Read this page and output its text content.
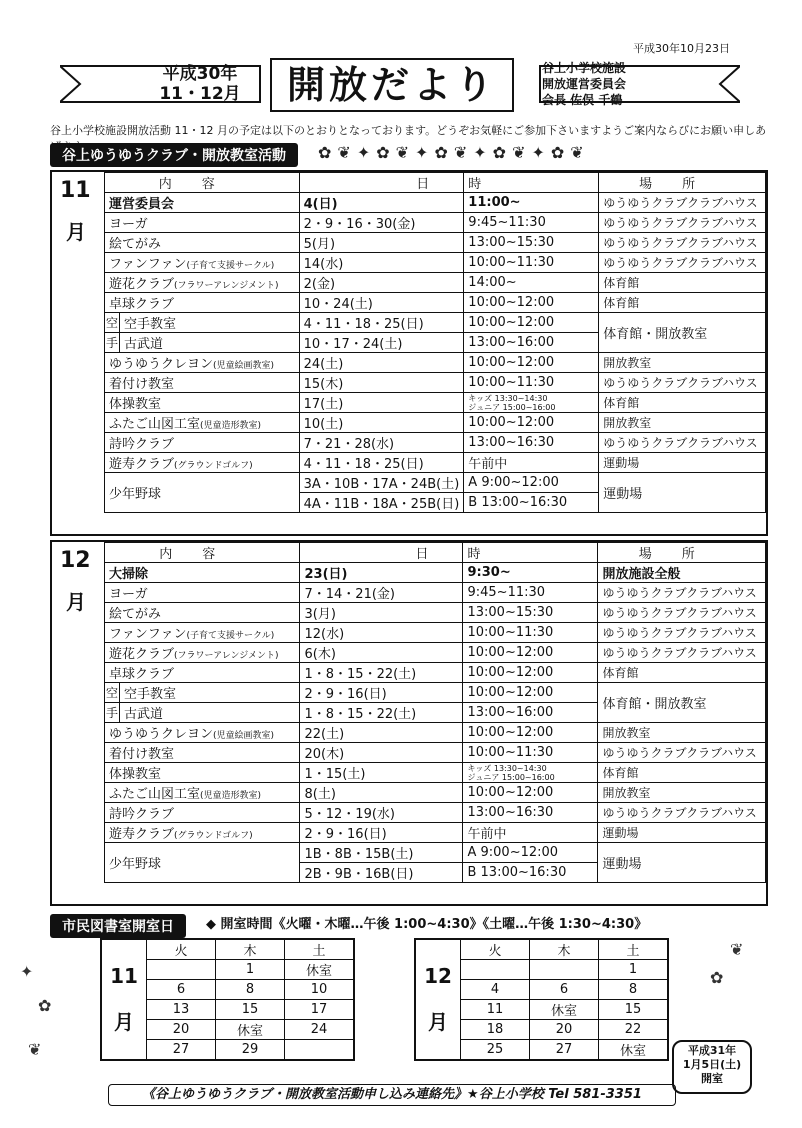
平成30年10月23日
平成30年
11・12月	開放だより	谷上小学校施設
開放運営委員会
会長 佐俣 千鶴
谷上小学校施設開放活動 11・12 月の予定は以下のとおりとなっております。どうぞお気軽にご参加下さいますようご案内ならびにお願い申しあ
谷上ゆうゆうクラブ・開放教室活動	✿❦✦✿❦✦✿❦✦✿❦✦✿❦
11
月
内容		日	時	場所
運営委員会		4(日)	11:00~	ゆうゆうクラブクラブハウス
ヨーガ		2・9・16・30(金)	9:45~11:30	ゆうゆうクラブクラブハウス
絵てがみ		5(月)	13:00~15:30	ゆうゆうクラブクラブハウス
ファンファン(子育て支援サークル)		14(水)	10:00~11:30	ゆうゆうクラブクラブハウス
遊花クラブ(フラワーアレンジメント)		2(金)	14:00~	体育館
卓球クラブ		10・24(土)	10:00~12:00	体育館
空	空手教室	4・11・18・25(日)	10:00~12:00	体育館・開放教室
手	古武道	10・17・24(土)	13:00~16:00	
ゆうゆうクレヨン(児童絵画教室)		24(土)	10:00~12:00	開放教室
着付け教室		15(木)	10:00~11:30	ゆうゆうクラブクラブハウス
体操教室		17(土)	キッズ 13:30~14:30
ジュニア 15:00~16:00	体育館
ふたご山図工室(児童造形教室)		10(土)	10:00~12:00	開放教室
詩吟クラブ		7・21・28(水)	13:00~16:30	ゆうゆうクラブクラブハウス
遊寿クラブ(グラウンドゴルフ)		4・11・18・25(日)	午前中	運動場
少年野球		3A・10B・17A・24B(土)	A 9:00~12:00	運動場
		4A・11B・18A・25B(日)	B 13:00~16:30	
12
月
内容		日	時	場所
大掃除		23(日)	9:30~	開放施設全般
ヨーガ		7・14・21(金)	9:45~11:30	ゆうゆうクラブクラブハウス
絵てがみ		3(月)	13:00~15:30	ゆうゆうクラブクラブハウス
ファンファン(子育て支援サークル)		12(水)	10:00~11:30	ゆうゆうクラブクラブハウス
遊花クラブ(フラワーアレンジメント)		6(木)	10:00~12:00	ゆうゆうクラブクラブハウス
卓球クラブ		1・8・15・22(土)	10:00~12:00	体育館
空	空手教室	2・9・16(日)	10:00~12:00	体育館・開放教室
手	古武道	1・8・15・22(土)	13:00~16:00	
ゆうゆうクレヨン(児童絵画教室)		22(土)	10:00~12:00	開放教室
着付け教室		20(木)	10:00~11:30	ゆうゆうクラブクラブハウス
体操教室		1・15(土)	キッズ 13:30~14:30
ジュニア 15:00~16:00	体育館
ふたご山図工室(児童造形教室)		8(土)	10:00~12:00	開放教室
詩吟クラブ		5・12・19(水)	13:00~16:30	ゆうゆうクラブクラブハウス
遊寿クラブ(グラウンドゴルフ)		2・9・16(日)	午前中	運動場
少年野球		1B・8B・15B(土)	A 9:00~12:00	運動場
		2B・9B・16B(日)	B 13:00~16:30	
市民図書室開室日	◆ 開室時間《火曜・木曜…午後 1:00~4:30》《土曜…午後 1:30~4:30》
11
月	火	木	土
		1	休室
	6	8	10
	13	15	17
	20	休室	24
	27	29	
12
月	火	木	土
			1
	4	6	8
	11	休室	15
	18	20	22
	25	27	休室	平成31年
1月5日(土)
開室
✦
✿
❦
✿
❦
《谷上ゆうゆうクラブ・開放教室活動申し込み連絡先》★谷上小学校 Tel 581-3351
